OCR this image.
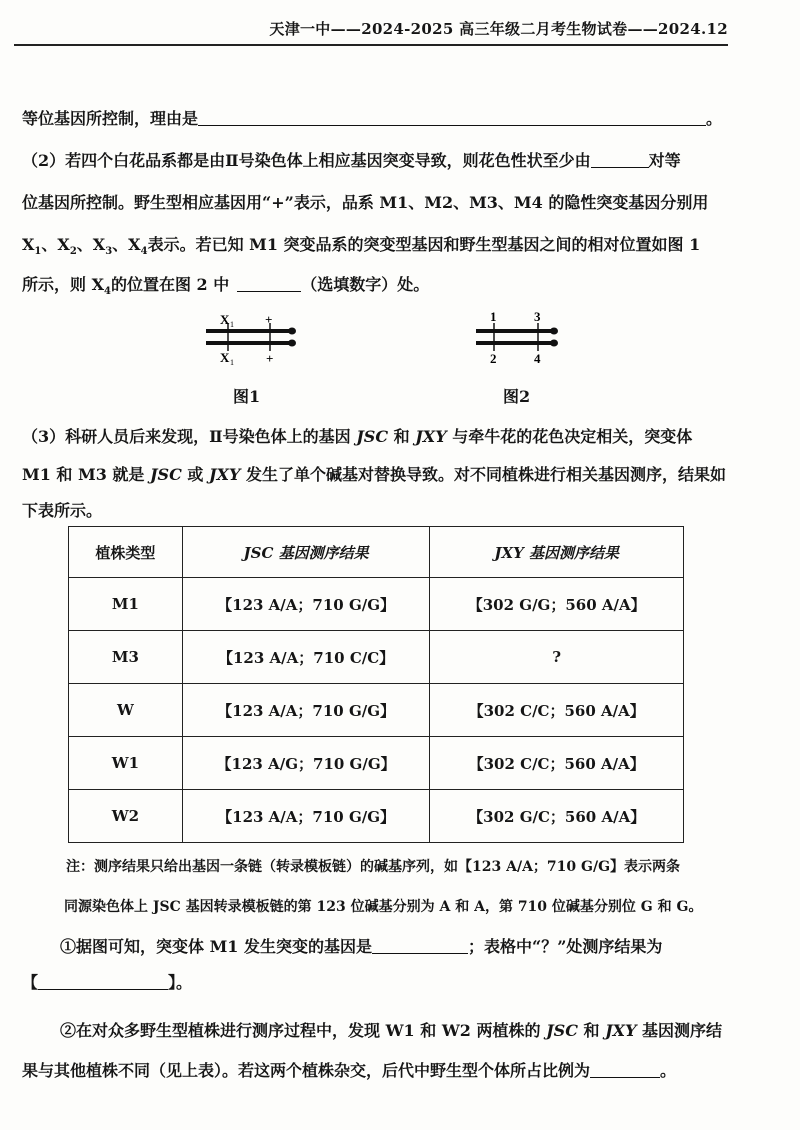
天津一中——2024-2025 高三年级二月考生物试卷——2024.12
等位基因所控制，理由是	。
（2）若四个白花品系都是由Ⅱ号染色体上相应基因突变导致，则花色性状至少由	对等
位基因所控制。野生型相应基因用“+”表示，品系 M1、M2、M3、M4 的隐性突变基因分别用
$X_1$、$X_2$、$X_3$、$X_4$表示。若已知 M1 突变品系的突变型基因和野生型基因之间的相对位置如图 1
所示，则 $X_4$的位置在图 2 中	（选填数字）处。
X 1 +
X 1 +
图1
1	3
2	4
图2
（3）科研人员后来发现，Ⅱ号染色体上的基因 JSC 和 JXY 与牵牛花的花色决定相关，突变体
M1 和 M3 就是 JSC 或 JXY 发生了单个碱基对替换导致。对不同植株进行相关基因测序，结果如
下表所示。
植株类型	JSC 基因测序结果	JXY 基因测序结果
M1	【123 A/A；710 G/G】	【302 G/G；560 A/A】
M3	【123 A/A；710 C/C】	?
W	【123 A/A；710 G/G】	【302 C/C；560 A/A】
W1	【123 A/G；710 G/G】	【302 C/C；560 A/A】
W2	【123 A/A；710 G/G】	【302 G/C；560 A/A】
注：测序结果只给出基因一条链（转录模板链）的碱基序列，如【123 A/A；710 G/G】表示两条
同源染色体上 JSC 基因转录模板链的第 123 位碱基分别为 A 和 A，第 710 位碱基分别位 G 和 G。
①据图可知，突变体 M1 发生突变的基因是	；表格中“？”处测序结果为
【	】。
②在对众多野生型植株进行测序过程中，发现 W1 和 W2 两植株的 JSC 和 JXY 基因测序结
果与其他植株不同（见上表）。若这两个植株杂交，后代中野生型个体所占比例为	。
